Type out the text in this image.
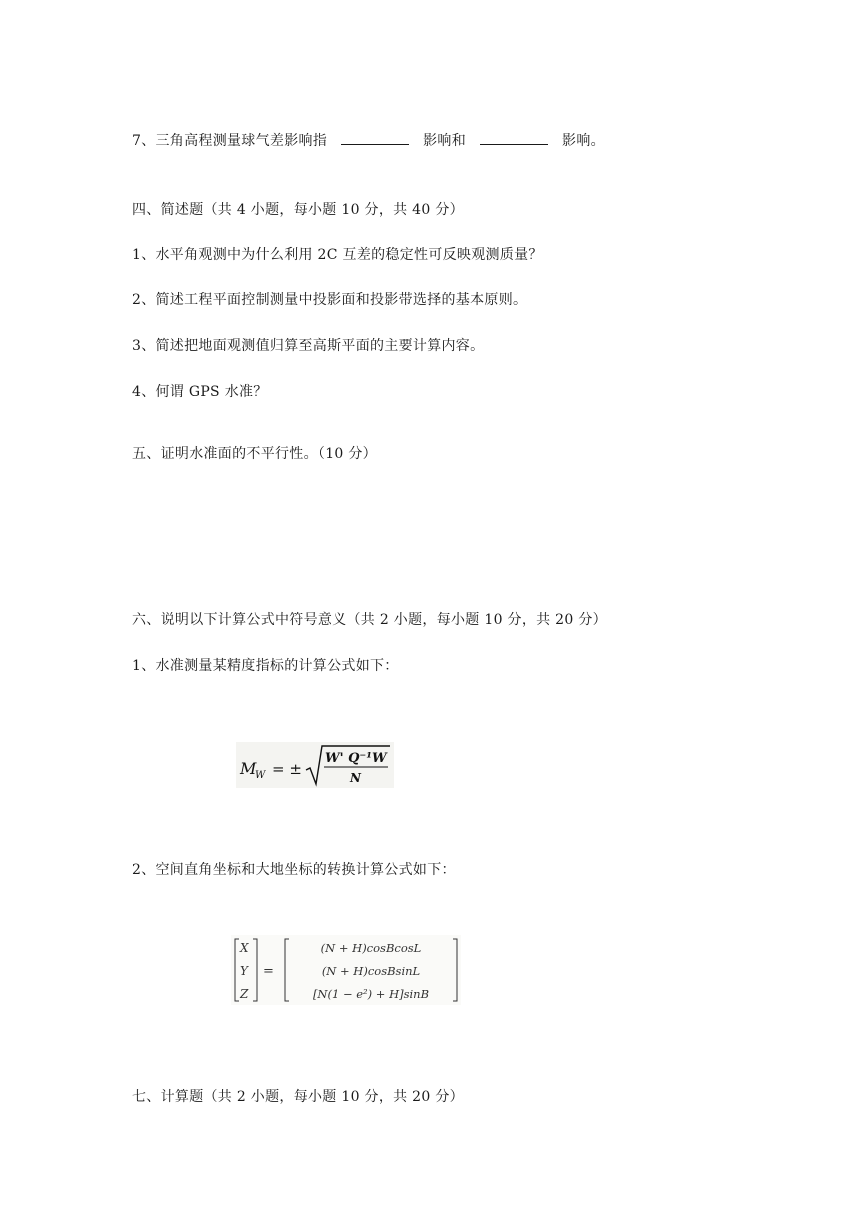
7、三角高程测量球气差影响指	影响和	影响。
四、简述题（共 4 小题，每小题 10 分，共 40 分）
1、水平角观测中为什么利用 2C 互差的稳定性可反映观测质量？
2、简述工程平面控制测量中投影面和投影带选择的基本原则。
3、简述把地面观测值归算至高斯平面的主要计算内容。
4、何谓 GPS 水准？
五、证明水准面的不平行性。（10 分）
六、说明以下计算公式中符号意义（共 2 小题，每小题 10 分，共 20 分）
1、水准测量某精度指标的计算公式如下：
M
W = ±
W' Q⁻¹W
N
2、空间直角坐标和大地坐标的转换计算公式如下：
X
Y
Z
=
(N + H)cosBcosL
(N + H)cosBsinL
[N(1 − e²) + H]sinB
七、计算题（共 2 小题，每小题 10 分，共 20 分）
